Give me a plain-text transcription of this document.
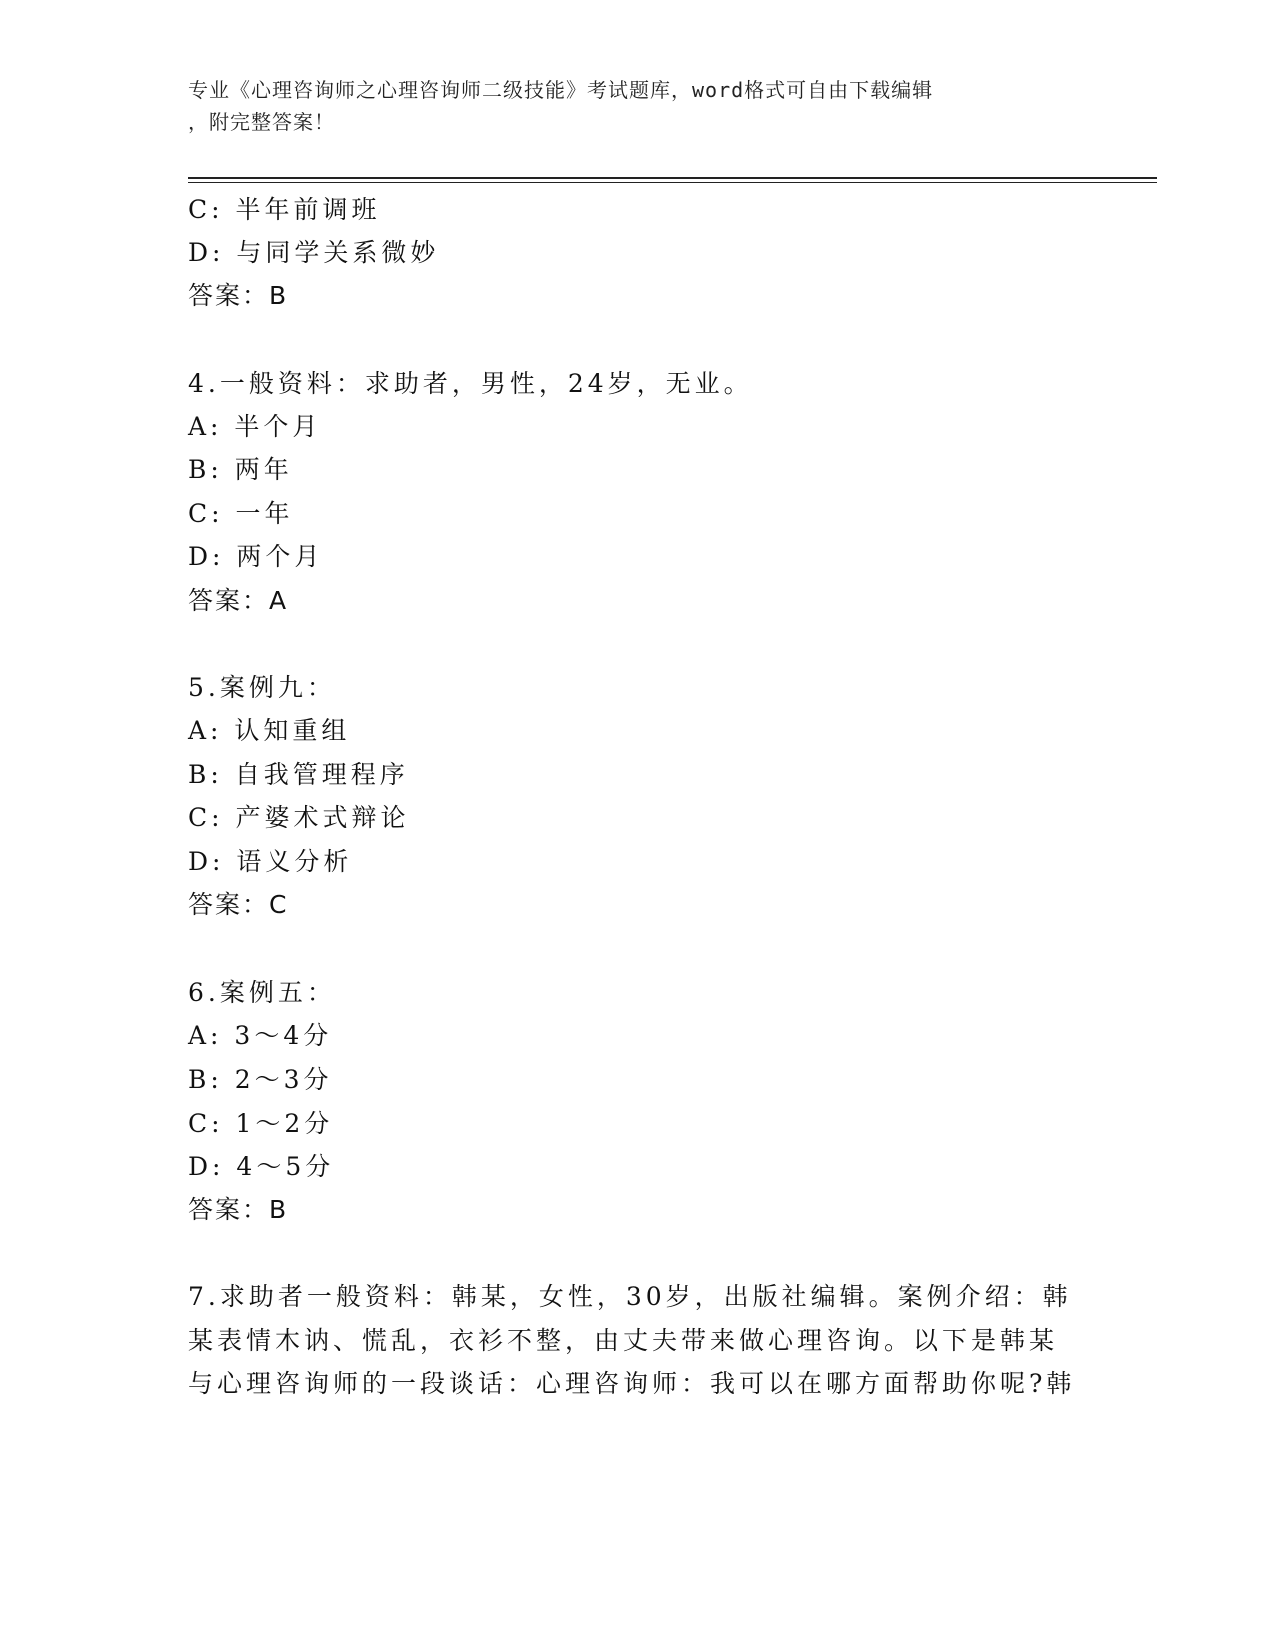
专业《心理咨询师之心理咨询师二级技能》考试题库，word格式可自由下载编辑
，附完整答案！
C: 半年前调班
D: 与同学关系微妙
答案：B
4.一般资料：求助者，男性，24岁，无业。
A: 半个月
B: 两年
C: 一年
D: 两个月
答案：A
5.案例九：
A: 认知重组
B: 自我管理程序
C: 产婆术式辩论
D: 语义分析
答案：C
6.案例五：
A: 3～4分
B: 2～3分
C: 1～2分
D: 4～5分
答案：B
7.求助者一般资料：韩某，女性，30岁，出版社编辑。案例介绍：韩
某表情木讷、慌乱，衣衫不整，由丈夫带来做心理咨询。以下是韩某
与心理咨询师的一段谈话：心理咨询师：我可以在哪方面帮助你呢?韩
